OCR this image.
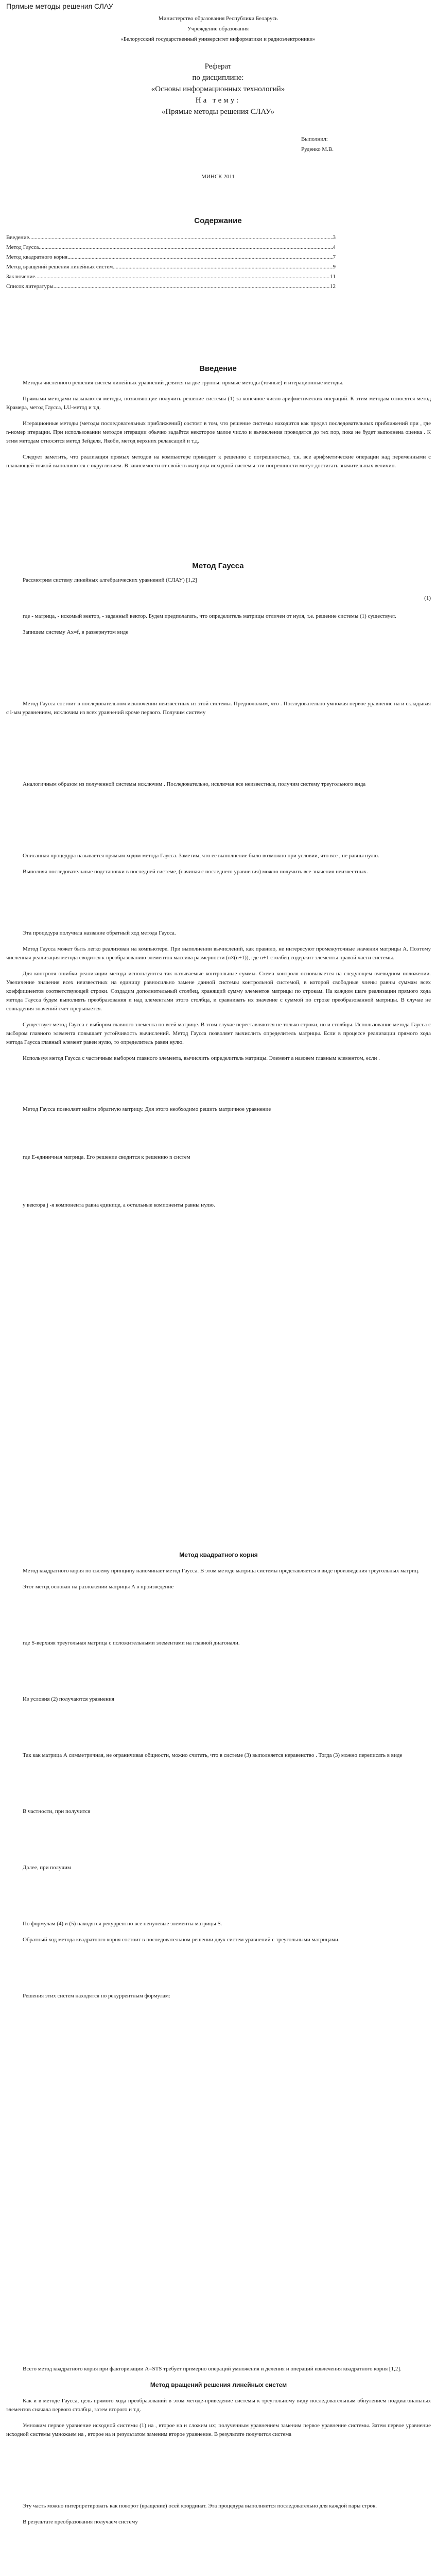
Прямые методы решения СЛАУ
Министерство образования Республики Беларусь
Учреждение образования
«Белорусский государственный университет информатики и радиоэлектроники»
Реферат
по дисциплине:
«Основы информационных технологий»
На тему:
«Прямые методы решения СЛАУ»
Выполнил:
Руденко М.В.
МИНСК 2011
Содержание
Введение .....	3
Метод Гаусса .....	4
Метод квадратного корня .....	7
Метод вращений решения линейных систем .....	9
Заключение .....	11
Список литературы .....	12
Введение

Методы численного решения систем линейных уравнений делятся на две группы: прямые методы (точные) и итерационные методы.

Прямыми методами называются методы, позволяющие получить решение системы (1) за конечное число арифметических операций. К этим методам относятся метод Крамера, метод Гаусса, LU-метод и т.д.

Итерационные методы (методы последовательных приближений) состоят в том, что решение системы находится как предел последовательных приближений при , где n-номер итерации. При использовании методов итерации обычно задаётся некоторое малое число и вычисления проводятся до тех пор, пока не будет выполнена оценка . К этим методам относятся метод Зейделя, Якоби, метод верхних релаксаций и т.д.

Следует заметить, что реализация прямых методов на компьютере приводит к решению с погрешностью, т.к. все арифметические операции над переменными с плавающей точкой выполняются с округлением. В зависимости от свойств матрицы исходной системы эти погрешности могут достигать значительных величин.

Метод Гаусса

Рассмотрим систему линейных алгебраических уравнений (СЛАУ) [1,2]

(1)

где - матрица, - искомый вектор, - заданный вектор. Будем предполагать, что определитель матрицы отличен от нуля, т.е. решение системы (1) существует.

Запишем систему Ax=f, в развернутом виде

Метод Гаусса состоит в последовательном исключении неизвестных из этой системы. Предположим, что . Последовательно умножая первое уравнение на и складывая с i-ым уравнением, исключим из всех уравнений кроме первого. Получим систему

Аналогичным образом из полученной системы исключим . Последовательно, исключая все неизвестные, получим систему треугольного вида

Описанная процедура называется прямым ходом метода Гаусса. Заметим, что ее выполнение было возможно при условии, что все , не равны нулю.

Выполняя последовательные подстановки в последней системе, (начиная с последнего уравнения) можно получить все значения неизвестных.

Эта процедура получила название обратный ход метода Гаусса.

Метод Гаусса может быть легко реализован на компьютере. При выполнении вычислений, как правило, не интересуют промежуточные значения матрицы А. Поэтому численная реализация метода сводится к преобразованию элементов массива размерности (n×(n+1)), где n+1 столбец содержит элементы правой части системы.

Для контроля ошибки реализации метода используются так называемые контрольные суммы. Схема контроля основывается на следующем очевидном положении. Увеличение значения всех неизвестных на единицу равносильно замене данной системы контрольной системой, в которой свободные члены равны суммам всех коэффициентов соответствующей строки. Создадим дополнительный столбец, хранящий сумму элементов матрицы по строкам. На каждом шаге реализации прямого хода метода Гаусса будем выполнять преобразования и над элементами этого столбца, и сравнивать их значение с суммой по строке преобразованной матрицы. В случае не совпадения значений счет прерывается.

Существует метод Гаусса с выбором главного элемента по всей матрице. В этом случае переставляются не только строки, но и столбцы. Использование метода Гаусса с выбором главного элемента повышает устойчивость вычислений. Метод Гаусса позволяет вычислить определитель матрицы. Если в процессе реализации прямого хода метода Гаусса главный элемент равен нулю, то определитель равен нулю.

Используя метод Гаусса с частичным выбором главного элемента, вычислить определитель матрицы. Элемент а назовем главным элементом, если .

Метод Гаусса позволяет найти обратную матрицу. Для этого необходимо решить матричное уравнение

где Е-единичная матрица. Его решение сводится к решению n систем

у вектора j -я компонента равна единице, а остальные компоненты равны нулю.

Метод квадратного корня

Метод квадратного корня по своему принципу напоминает метод Гаусса. В этом методе матрица системы представляется в виде произведения треугольных матриц.

Этот метод основан на разложении матрицы A в произведение

где S-верхняя треугольная матрица с положительными элементами на главной диагонали.

Из условия (2) получаются уравнения

Так как матрица А симметричная, не ограничивая общности, можно считать, что в системе (3) выполняется неравенство . Тогда (3) можно переписать в виде

В частности, при получится

Далее, при получим

По формулам (4) и (5) находятся рекуррентно все ненулевые элементы матрицы S.

Обратный ход метода квадратного корня состоит в последовательном решении двух систем уравнений с треугольными матрицами.

Решения этих систем находятся по рекуррентным формулам:

Всего метод квадратного корня при факторизации A=STS требует примерно операций умножения и деления и операций извлечения квадратного корня [1,2].

Метод вращений решения линейных систем

Как и в методе Гаусса, цель прямого хода преобразований в этом методе-приведение системы к треугольному виду последовательным обнулением поддиагональных элементов сначала первого столбца, затем второго и т.д.

Умножим первое уравнение исходной системы (1) на , второе на и сложим их; полученным уравнением заменим первое уравнение системы. Затем первое уравнение исходной системы умножаем на , второе на и результатом заменим второе уравнение. В результате получится система

Эту часть можно интерпретировать как поворот (вращение) осей координат. Эта процедура выполняется последовательно для каждой пары строк.

В результате преобразования получаем систему
